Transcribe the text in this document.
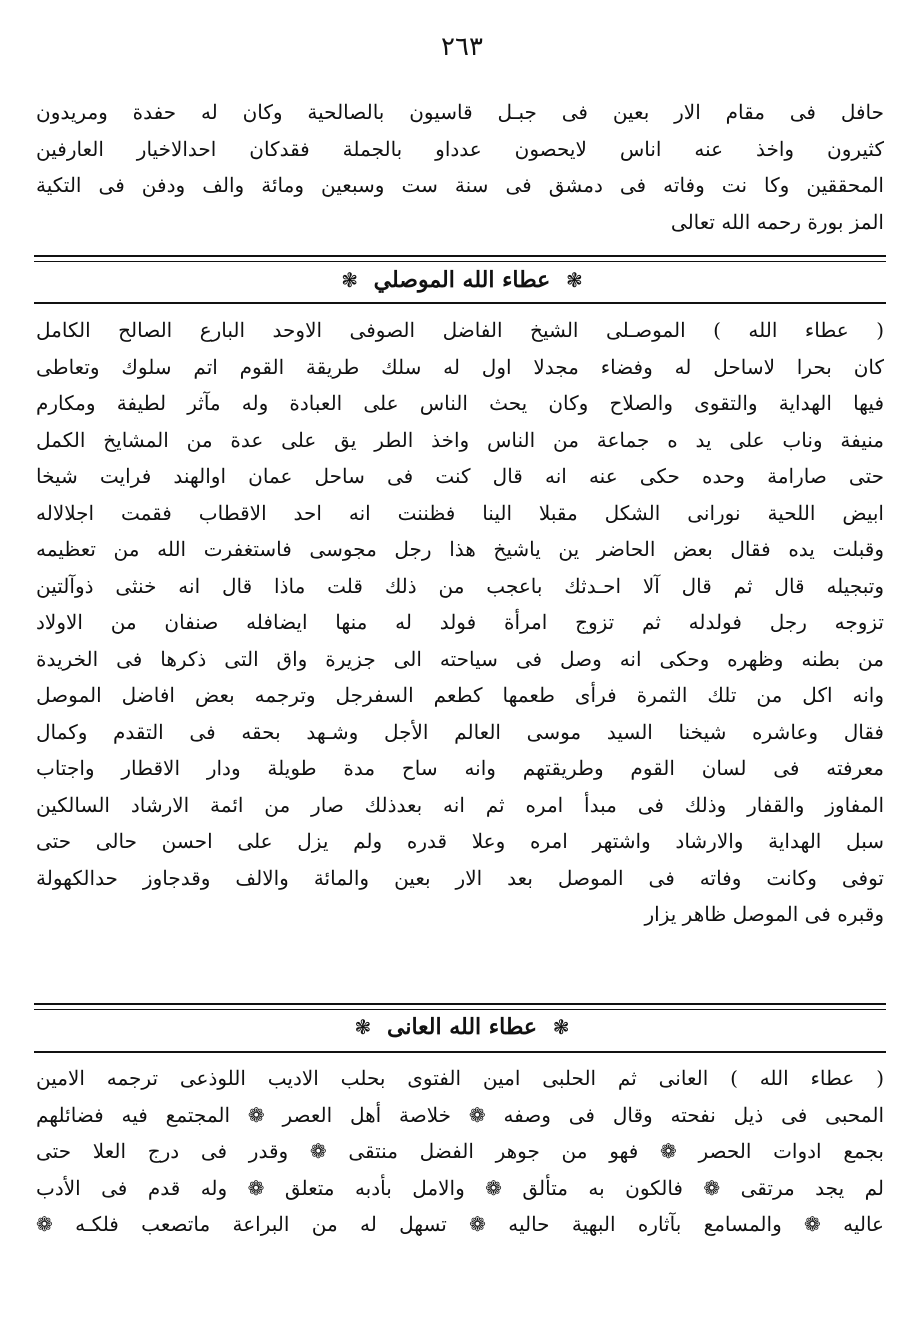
٢٦٣
حافل فى مقام الار بعين فى جبـل قاسيون بالصالحية وكان له حفدة ومريدون
كثيرون واخذ عنه اناس لايحصون عدداو بالجملة فقدكان احدالاخيار العارفين
المحققين وكا نت وفاته فى دمشق فى سنة ست وسبعين ومائة والف ودفن فى التكية
المز بورة رحمه الله تعالى
❃ عطاء الله الموصلي ❃
( عطاء الله ) الموصـلى الشيخ الفاضل الصوفى الاوحد البارع الصالح الكامل
كان بحرا لاساحل له وفضاء مجدلا اول له سلك طريقة القوم اتم سلوك وتعاطى
فيها الهداية والتقوى والصلاح وكان يحث الناس على العبادة وله مآثر لطيفة ومكارم
منيفة وناب على يد ه جماعة من الناس واخذ الطر يق على عدة من المشايخ الكمل
حتى صارامة وحده حكى عنه انه قال كنت فى ساحل عمان اوالهند فرايت شيخا
ابيض اللحية نورانى الشكل مقبلا الينا فظننت انه احد الاقطاب فقمت اجلالاله
وقبلت يده فقال بعض الحاضر ين ياشيخ هذا رجل مجوسى فاستغفرت الله من تعظيمه
وتبجيله قال ثم قال آلا احـدثك باعجب من ذلك قلت ماذا قال انه خنثى ذوآلتين
تزوجه رجل فولدله ثم تزوج امرأة فولد له منها ايضافله صنفان من الاولاد
من بطنه وظهره وحكى انه وصل فى سياحته الى جزيرة واق التى ذكرها فى الخريدة
وانه اكل من تلك الثمرة فرأى طعمها كطعم السفرجل وترجمه بعض افاضل الموصل
فقال وعاشره شيخنا السيد موسى العالم الأجل وشـهد بحقه فى التقدم وكمال
معرفته فى لسان القوم وطريقتهم وانه ساح مدة طويلة ودار الاقطار واجتاب
المفاوز والقفار وذلك فى مبدأ امره ثم انه بعدذلك صار من ائمة الارشاد السالكين
سبل الهداية والارشاد واشتهر امره وعلا قدره ولم يزل على احسن حالى حتى
توفى وكانت وفاته فى الموصل بعد الار بعين والمائة والالف وقدجاوز حدالكهولة
وقبره فى الموصل ظاهر يزار
❃ عطاء الله العانى ❃
( عطاء الله ) العانى ثم الحلبى امين الفتوى بحلب الاديب اللوذعى ترجمه الامين
المحبى فى ذيل نفحته وقال فى وصفه ❁ خلاصة أهل العصر ❁ المجتمع فيه فضائلهم
بجمع ادوات الحصر ❁ فهو من جوهر الفضل منتقى ❁ وقدر فى درج العلا حتى
لم يجد مرتقى ❁ فالكون به متألق ❁ والامل بأدبه متعلق ❁ وله قدم فى الأدب
عاليه ❁ والمسامع بآثاره البهية حاليه ❁ تسهل له من البراعة ماتصعب فلكـه ❁
